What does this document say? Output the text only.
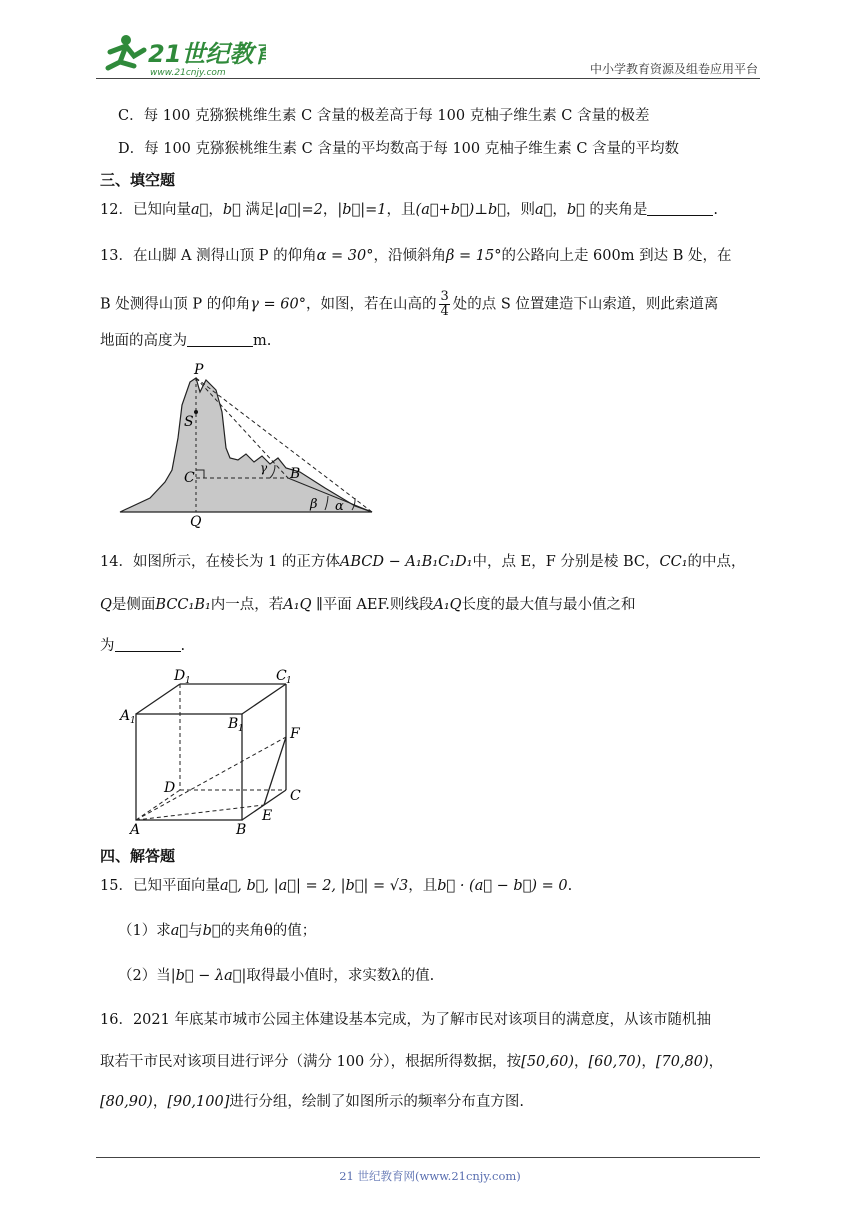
21世纪教育
www.21cnjy.com	中小学教育资源及组卷应用平台
C．每 100 克猕猴桃维生素 C 含量的极差高于每 100 克柚子维生素 C 含量的极差
D．每 100 克猕猴桃维生素 C 含量的平均数高于每 100 克柚子维生素 C 含量的平均数
三、填空题
12．已知向量a⃗，b⃗ 满足|a⃗|=2，|b⃗|=1，且(a⃗+b⃗)⊥b⃗，则a⃗，b⃗ 的夹角是	.
13．在山脚 A 测得山顶 P 的仰角α = 30°，沿倾斜角β = 15°的公路向上走 600m 到达 B 处，在
B 处测得山顶 P 的仰角γ = 60°，如图，若在山高的 $\frac{3}{4}$ 处的点 S 位置建造下山索道，则此索道离
地面的高度为	m.
P
S
C	B
Q
γ
β α
14．如图所示，在棱长为 1 的正方体ABCD − A₁B₁C₁D₁中，点 E，F 分别是棱 BC，CC₁的中点，
Q是侧面BCC₁B₁内一点，若A₁Q ∥平面 AEF.则线段A₁Q长度的最大值与最小值之和
为	.
D 1	C 1
A 1	B 1	F
D	C
E
A	B
四、解答题
15．已知平面向量a⃗, b⃗, |a⃗| = 2, |b⃗| = √3，且b⃗ · (a⃗ − b⃗) = 0.
（1）求a⃗与b⃗的夹角θ的值；
（2）当|b⃗ − λa⃗|取得最小值时，求实数λ的值.
16．2021 年底某市城市公园主体建设基本完成，为了解市民对该项目的满意度，从该市随机抽
取若干市民对该项目进行评分（满分 100 分），根据所得数据，按[50,60)，[60,70)，[70,80)，
[80,90)，[90,100]进行分组，绘制了如图所示的频率分布直方图.
21 世纪教育网(www.21cnjy.com)
